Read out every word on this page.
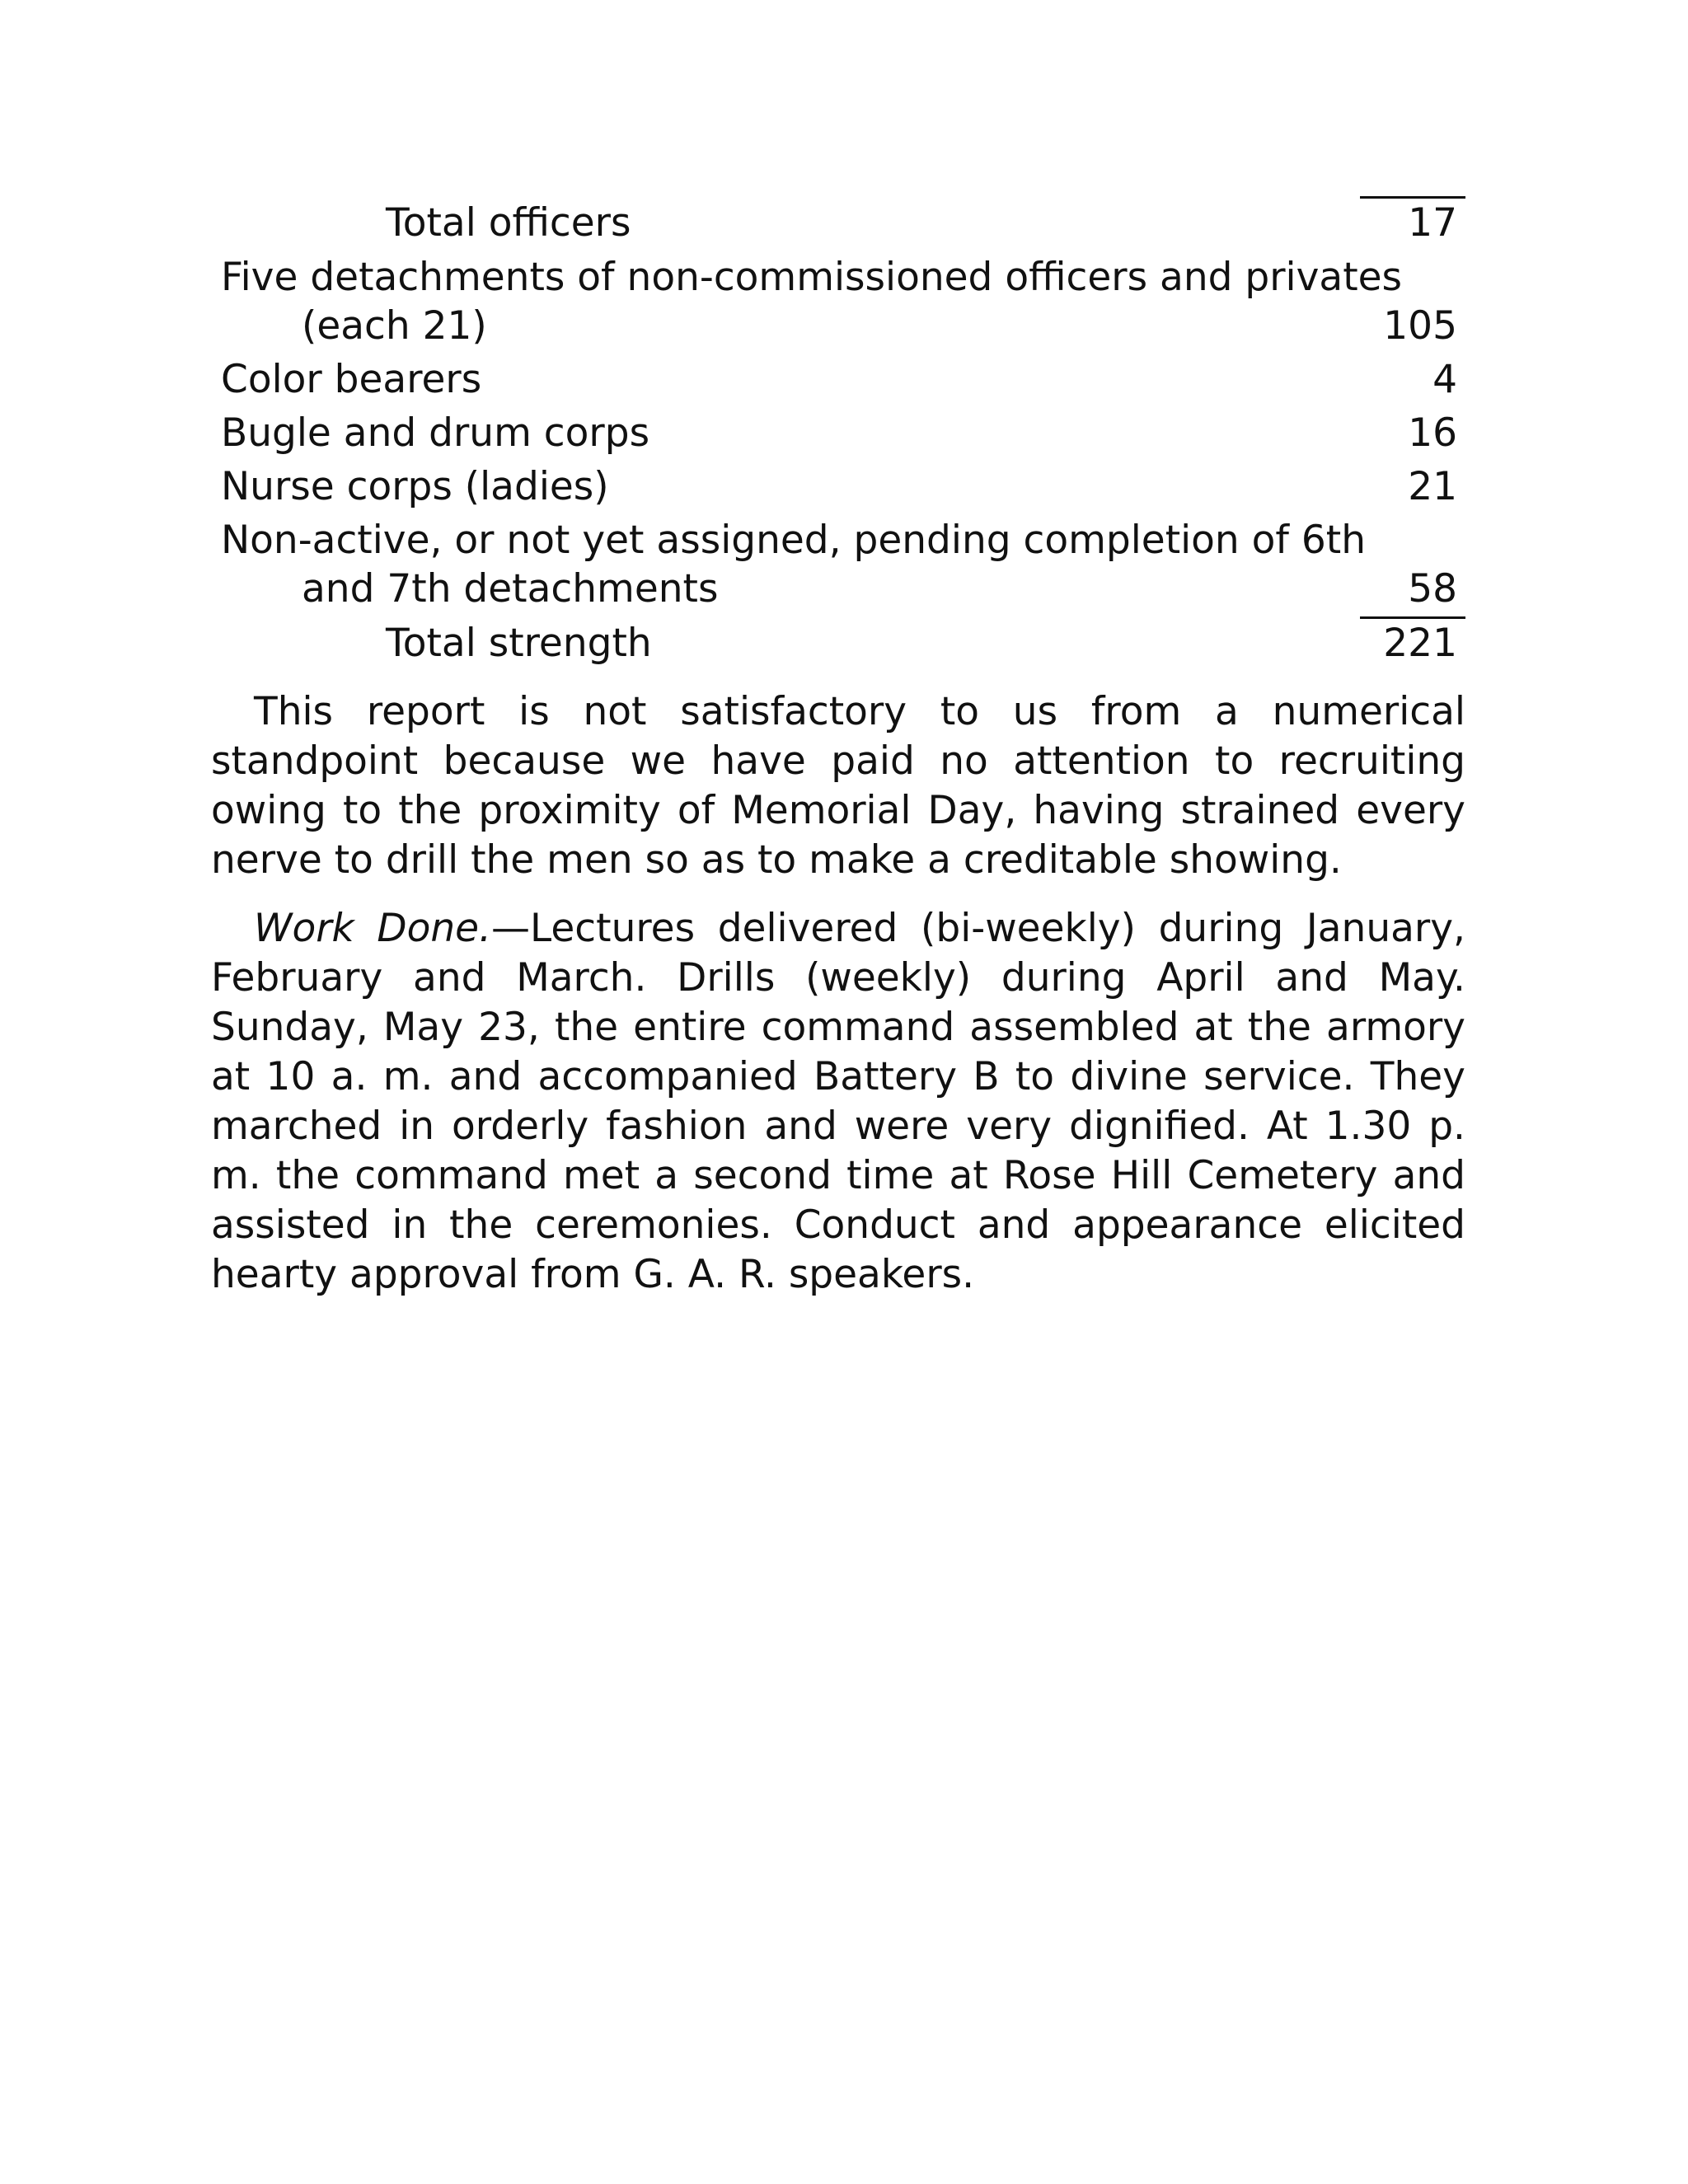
Total officers	17
Five detachments of non-commissioned officers and privates
(each 21)	105
Color bearers	4
Bugle and drum corps	16
Nurse corps (ladies)	21
Non-active, or not yet assigned, pending completion of 6th
and 7th detachments	58
Total strength	221

This report is not satisfactory to us from a numerical standpoint because we have paid no attention to recruiting owing to the proximity of Memorial Day, having strained every nerve to drill the men so as to make a creditable showing.

Work Done.—Lectures delivered (bi-weekly) during January, February and March. Drills (weekly) during April and May. Sunday, May 23, the entire command assembled at the armory at 10 a. m. and accompanied Battery B to divine service. They marched in orderly fashion and were very dignified. At 1.30 p. m. the command met a second time at Rose Hill Cemetery and assisted in the ceremonies. Conduct and appearance elicited hearty approval from G. A. R. speakers.
